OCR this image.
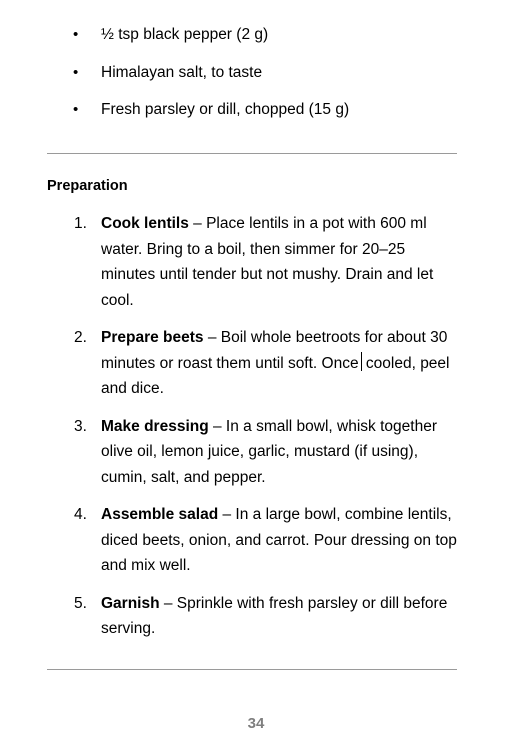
• ½ tsp black pepper (2 g)
• Himalayan salt, to taste
• Fresh parsley or dill, chopped (15 g)
Preparation
1. Cook lentils – Place lentils in a pot with 600 ml water. Bring to a boil, then simmer for 20–25 minutes until tender but not mushy. Drain and let cool.
2. Prepare beets – Boil whole beetroots for about 30 minutes or roast them until soft. Once cooled, peel and dice.
3. Make dressing – In a small bowl, whisk together olive oil, lemon juice, garlic, mustard (if using), cumin, salt, and pepper.
4. Assemble salad – In a large bowl, combine lentils, diced beets, onion, and carrot. Pour dressing on top and mix well.
5. Garnish – Sprinkle with fresh parsley or dill before serving.
34
